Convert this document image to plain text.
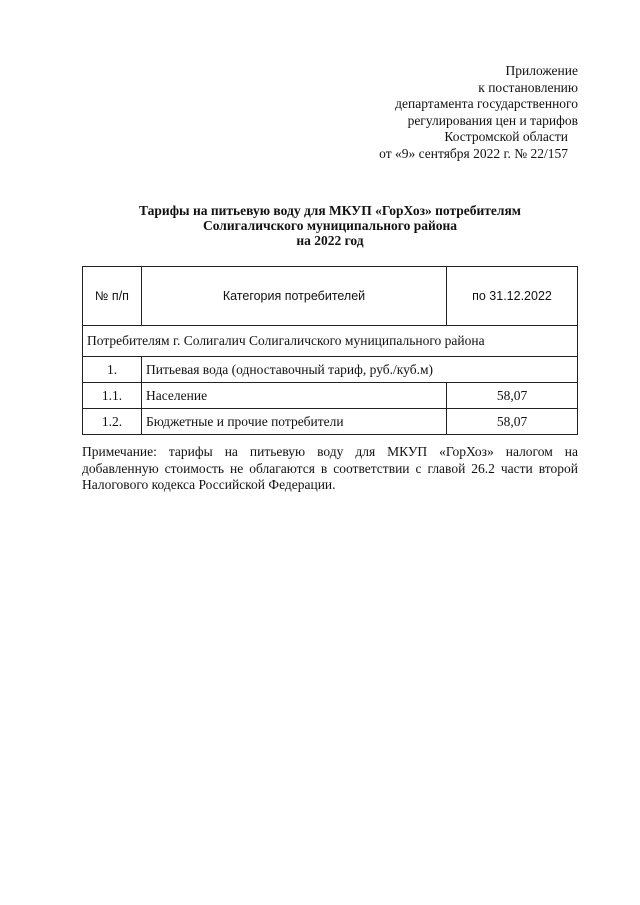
Приложение
к постановлению
департамента государственного
регулирования цен и тарифов
Костромской области
от «9» сентября 2022 г. № 22/157
Тарифы на питьевую воду для МКУП «ГорХоз» потребителям
Солигаличского муниципального района
на 2022 год
№ п/п	Категория потребителей	по 31.12.2022
Потребителям г. Солигалич Солигаличского муниципального района		
1.	Питьевая вода (одноставочный тариф, руб./куб.м)	
1.1.	Население	58,07
1.2.	Бюджетные и прочие потребители	58,07
Примечание: тарифы на питьевую воду для МКУП «ГорХоз» налогом на добавленную стоимость не облагаются в соответствии с главой 26.2 части второй Налогового кодекса Российской Федерации.
